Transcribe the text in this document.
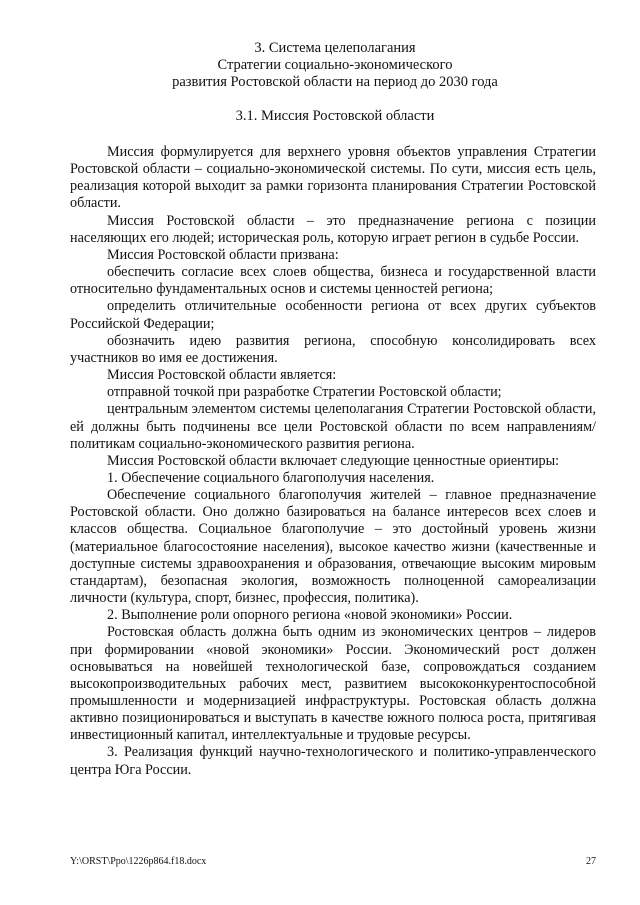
3. Система целеполагания
Стратегии социально-экономического
развития Ростовской области на период до 2030 года
3.1. Миссия Ростовской области

Миссия формулируется для верхнего уровня объектов управления Стратегии Ростовской области – социально-экономической системы. По сути, миссия есть цель, реализация которой выходит за рамки горизонта планирования Стратегии Ростовской области.

Миссия Ростовской области – это предназначение региона с позиции населяющих его людей; историческая роль, которую играет регион в судьбе России.

Миссия Ростовской области призвана:

обеспечить согласие всех слоев общества, бизнеса и государственной власти относительно фундаментальных основ и системы ценностей региона;

определить отличительные особенности региона от всех других субъектов Российской Федерации;

обозначить идею развития региона, способную консолидировать всех участников во имя ее достижения.

Миссия Ростовской области является:

отправной точкой при разработке Стратегии Ростовской области;

центральным элементом системы целеполагания Стратегии Ростовской области, ей должны быть подчинены все цели Ростовской области по всем направлениям/политикам социально-экономического развития региона.

Миссия Ростовской области включает следующие ценностные ориентиры:

1. Обеспечение социального благополучия населения.

Обеспечение социального благополучия жителей – главное предназначение Ростовской области. Оно должно базироваться на балансе интересов всех слоев и классов общества. Социальное благополучие – это достойный уровень жизни (материальное благосостояние населения), высокое качество жизни (качественные и доступные системы здравоохранения и образования, отвечающие высоким мировым стандартам), безопасная экология, возможность полноценной самореализации личности (культура, спорт, бизнес, профессия, политика).

2. Выполнение роли опорного региона «новой экономики» России.

Ростовская область должна быть одним из экономических центров – лидеров при формировании «новой экономики» России. Экономический рост должен основываться на новейшей технологической базе, сопровождаться созданием высокопроизводительных рабочих мест, развитием высококонкурентоспособной промышленности и модернизацией инфраструктуры. Ростовская область должна активно позиционироваться и выступать в качестве южного полюса роста, притягивая инвестиционный капитал, интеллектуальные и трудовые ресурсы.

3. Реализация функций научно-технологического и политико-управленческого центра Юга России.

Y:\ORST\Ppo\1226p864.f18.docx	27
